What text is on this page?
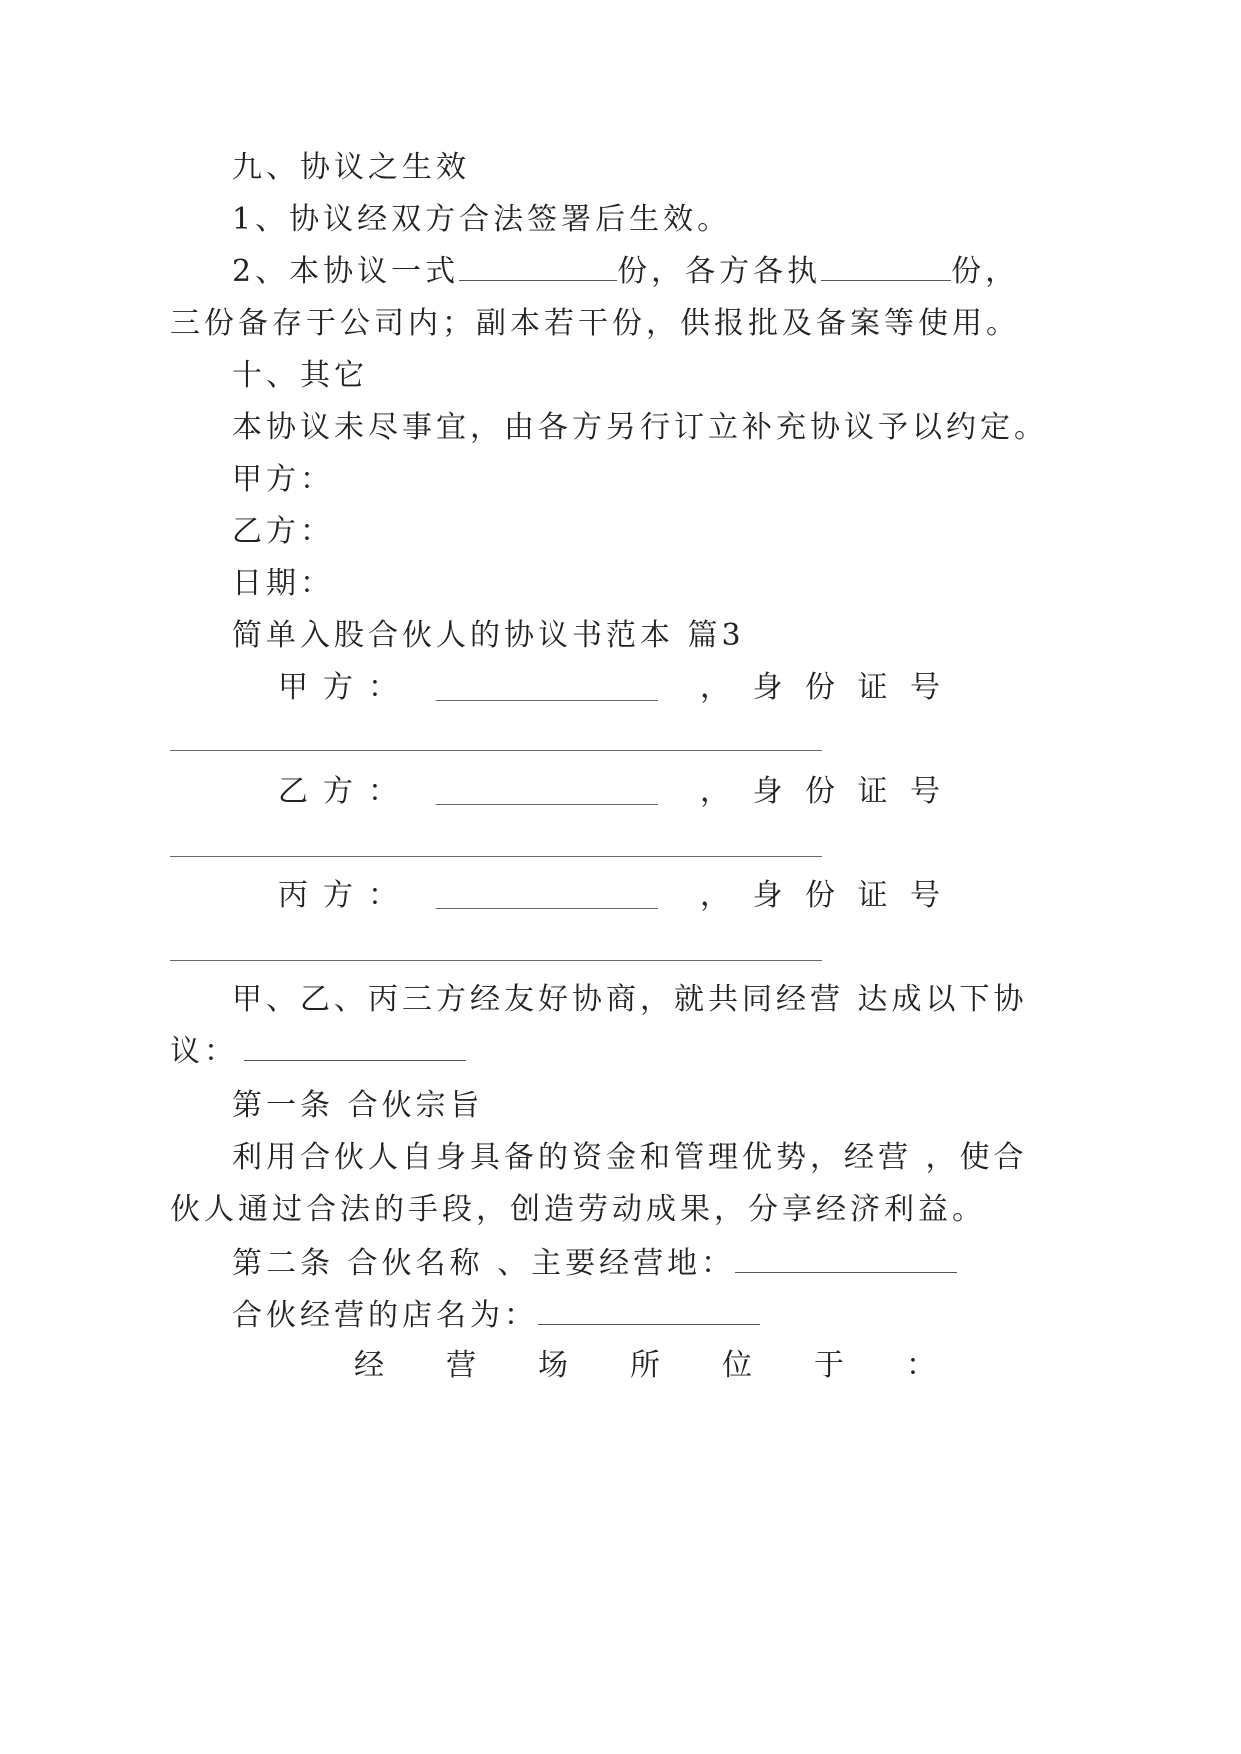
九、协议之生效
1、协议经双方合法签署后生效。
2、本协议一式	份，各方各执	份，
三份备存于公司内；副本若干份，供报批及备案等使用。
十、其它
本协议未尽事宜，由各方另行订立补充协议予以约定。
甲方：
乙方：
日期：
简单入股合伙人的协议书范本 篇3
甲 方 ：	， 身 份 证 号
乙 方 ：	， 身 份 证 号
丙 方 ：	， 身 份 证 号
甲、乙、丙三方经友好协商，就共同经营 达成以下协
议：
第一条 合伙宗旨
利用合伙人自身具备的资金和管理优势，经营 ，使合
伙人通过合法的手段，创造劳动成果，分享经济利益。
第二条 合伙名称 、主要经营地：
合伙经营的店名为：
经 营 场 所 位 于 ：
